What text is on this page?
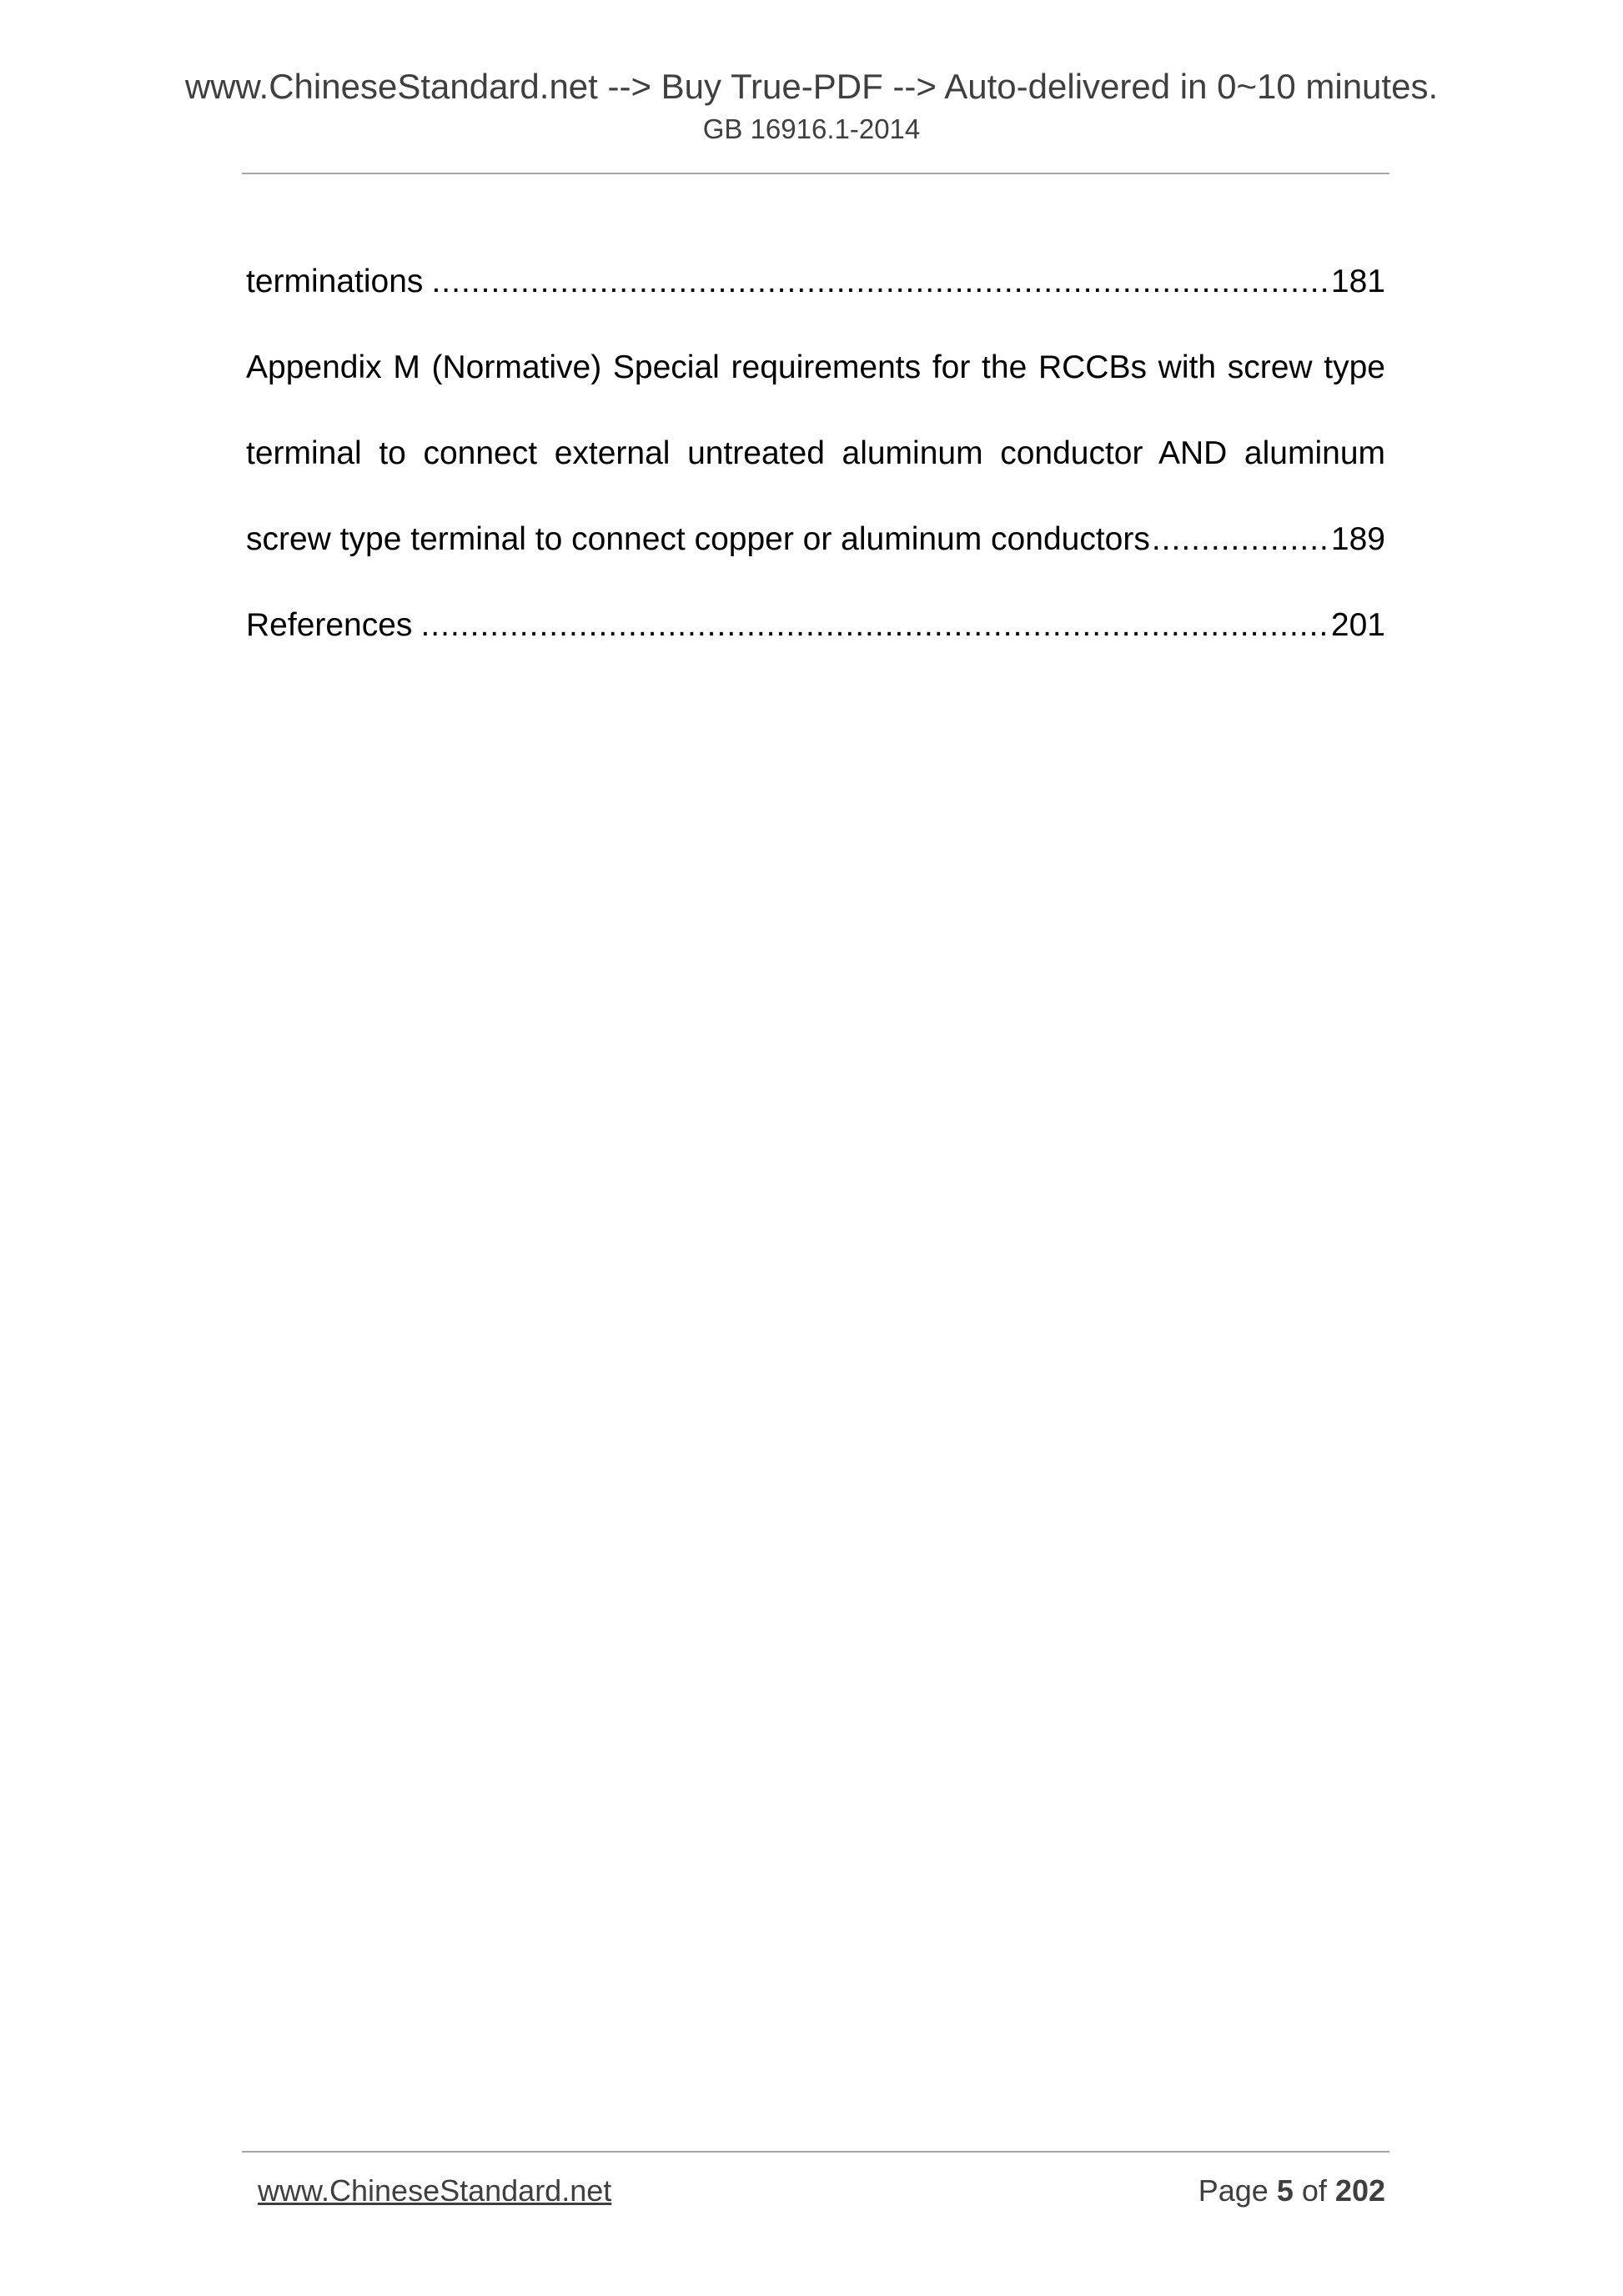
www.ChineseStandard.net --> Buy True-PDF --> Auto-delivered in 0~10 minutes.
GB 16916.1-2014
terminations .....	181
Appendix M (Normative) Special requirements for the RCCBs with screw type
terminal to connect external untreated aluminum conductor AND aluminum
screw type terminal to connect copper or aluminum conductors .....	189
References .....	201
www.ChineseStandard.net	Page 5 of 202
